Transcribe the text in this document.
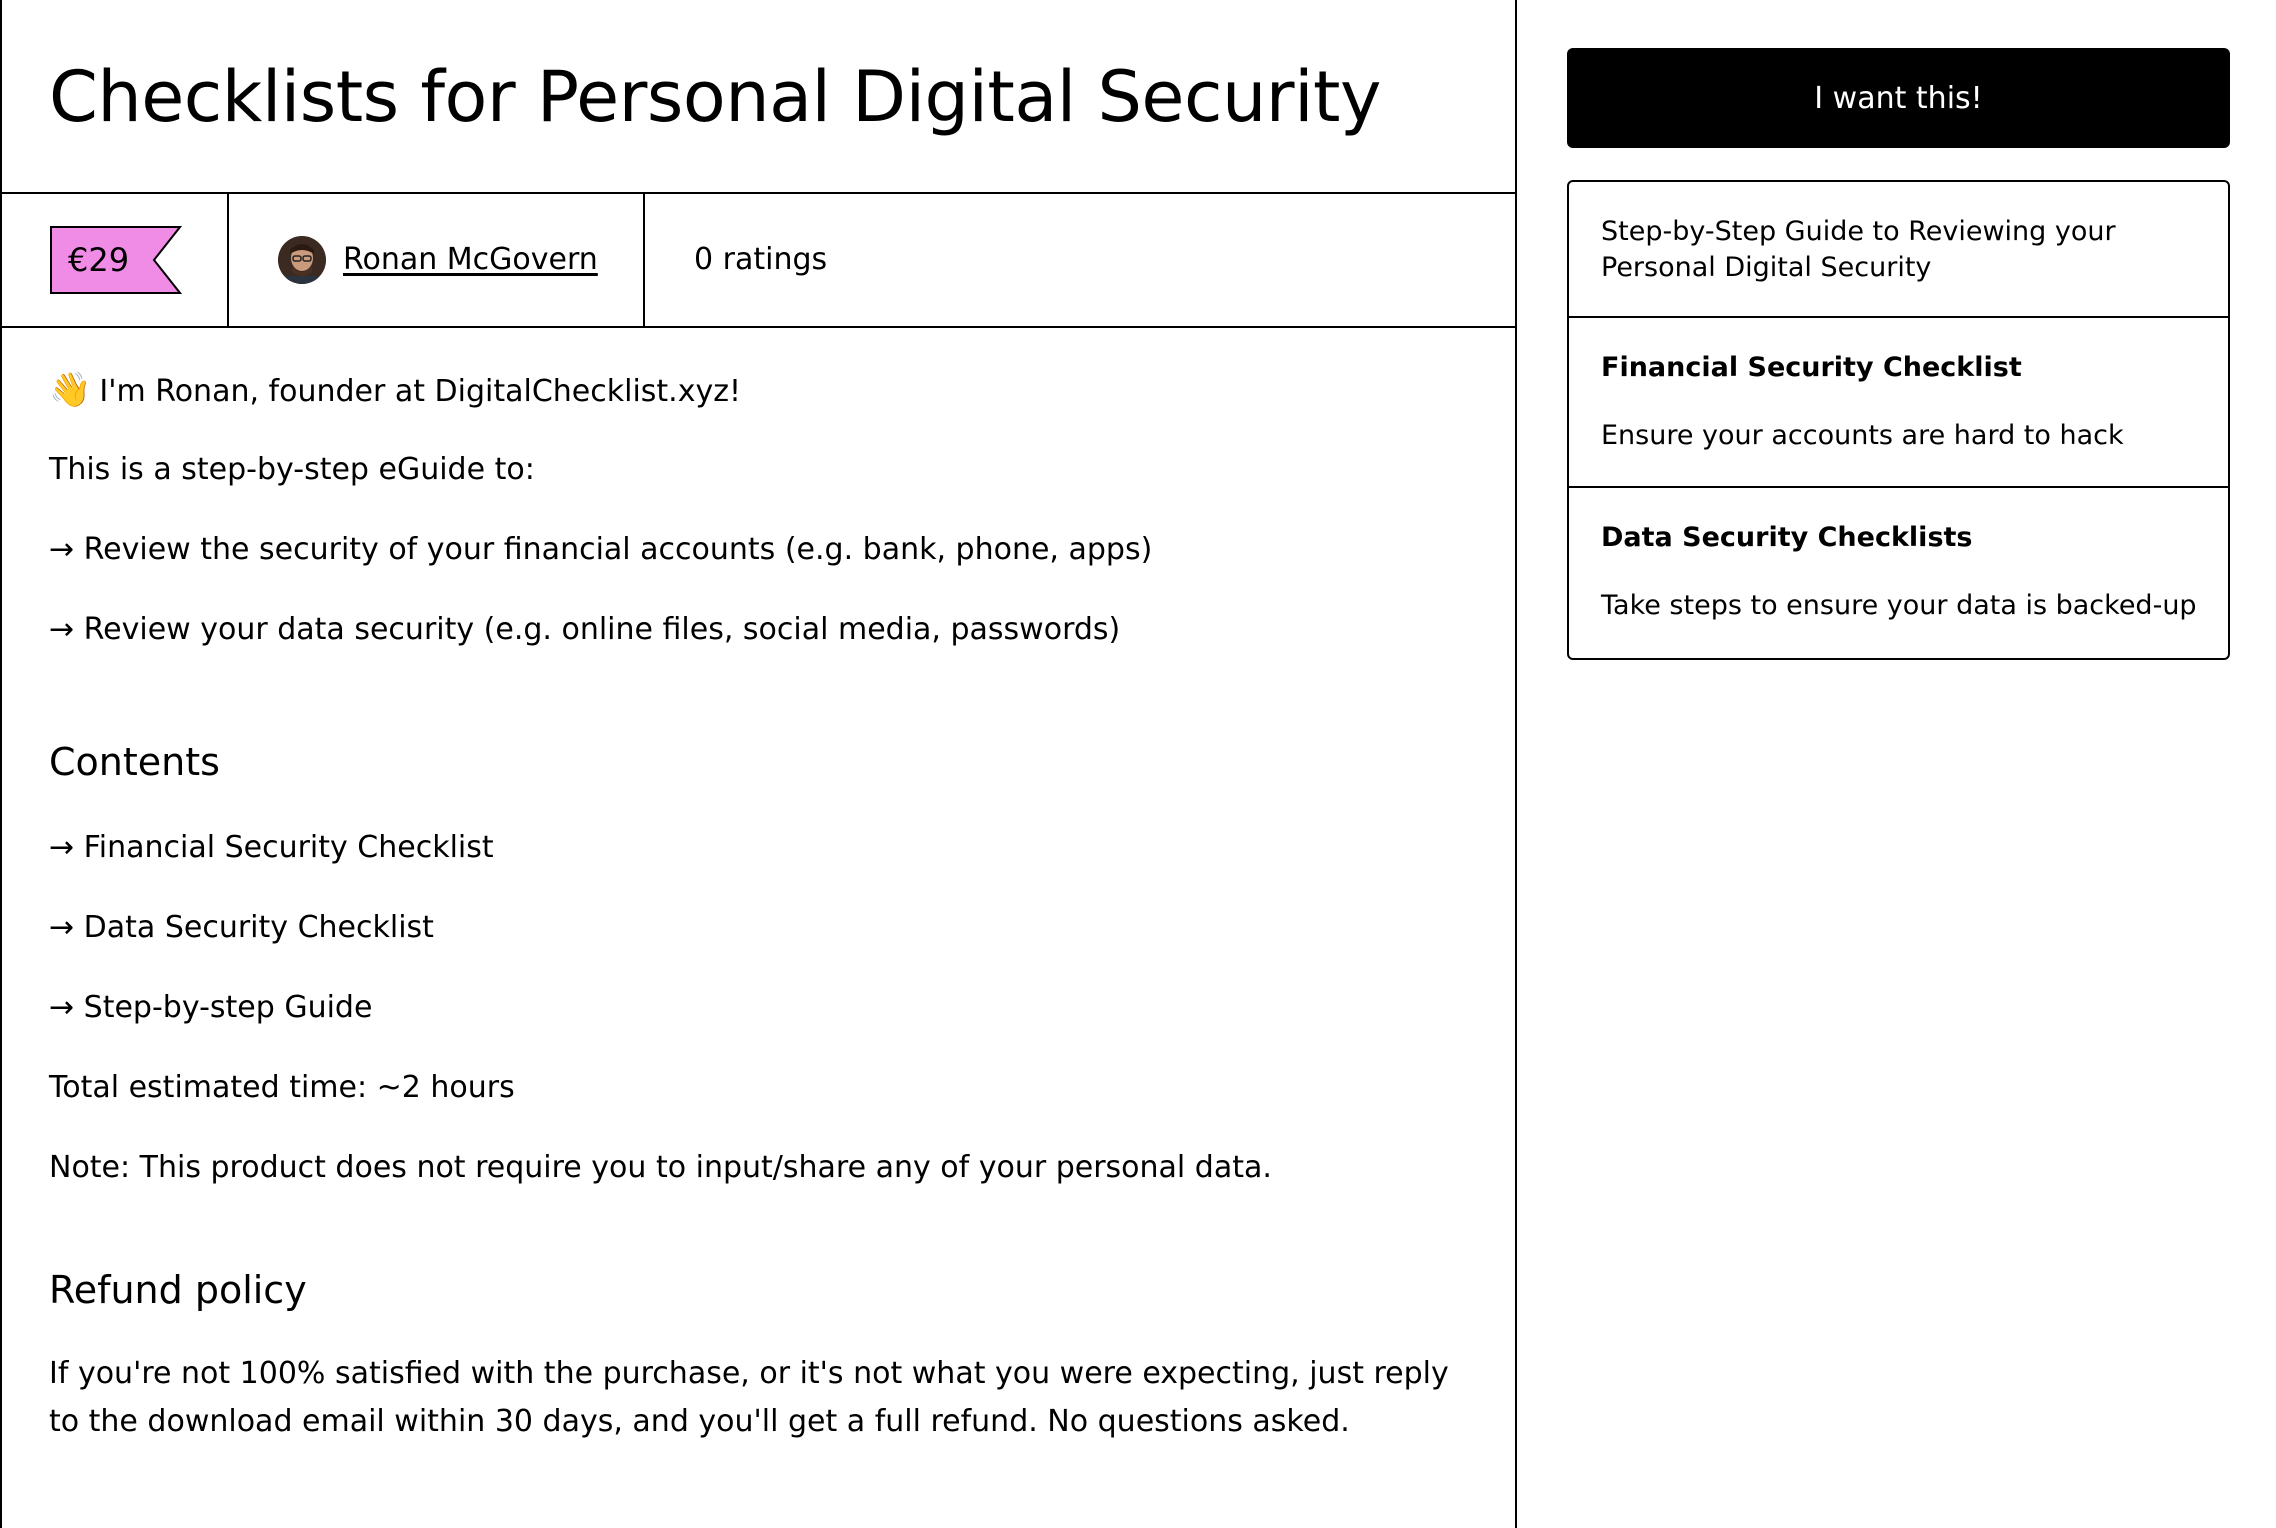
Checklists for Personal Digital Security
€29	Ronan McGovern	0 ratings
👋 I'm Ronan, founder at DigitalChecklist.xyz!
This is a step-by-step eGuide to:
→ Review the security of your financial accounts (e.g. bank, phone, apps)
→ Review your data security (e.g. online files, social media, passwords)
Contents
→ Financial Security Checklist
→ Data Security Checklist
→ Step-by-step Guide
Total estimated time: ~2 hours
Note: This product does not require you to input/share any of your personal data.
Refund policy
If you're not 100% satisfied with the purchase, or it's not what you were expecting, just reply to the download email within 30 days, and you'll get a full refund. No questions asked.
I want this!
Step-by-Step Guide to Reviewing your Personal Digital Security
Financial Security Checklist
Ensure your accounts are hard to hack
Data Security Checklists
Take steps to ensure your data is backed-up
